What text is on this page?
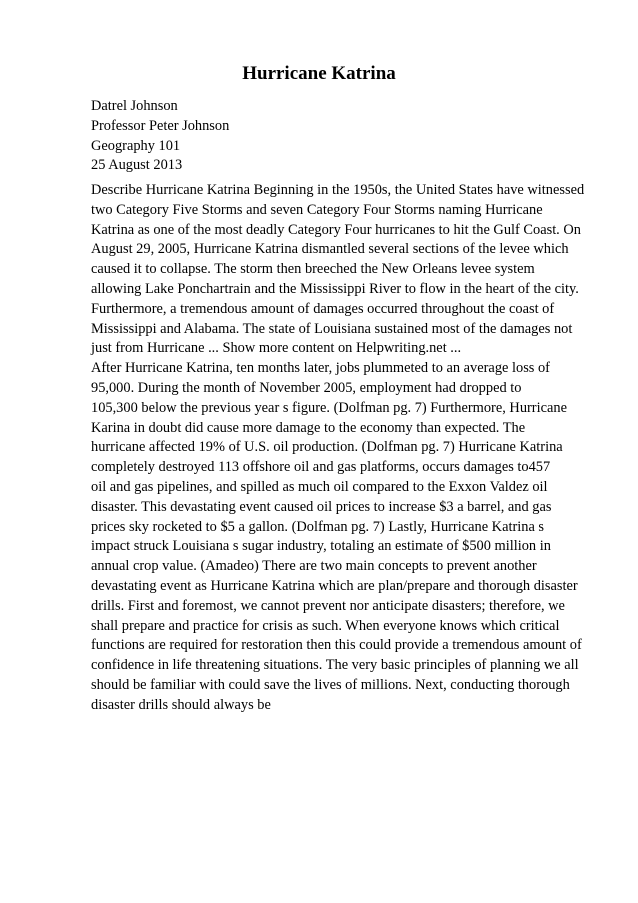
Hurricane Katrina
Datrel Johnson
Professor Peter Johnson
Geography 101
25 August 2013
Describe Hurricane Katrina Beginning in the 1950s, the United States have witnessed
two Category Five Storms and seven Category Four Storms naming Hurricane
Katrina as one of the most deadly Category Four hurricanes to hit the Gulf Coast. On
August 29, 2005, Hurricane Katrina dismantled several sections of the levee which
caused it to collapse. The storm then breeched the New Orleans levee system
allowing Lake Ponchartrain and the Mississippi River to flow in the heart of the city.
Furthermore, a tremendous amount of damages occurred throughout the coast of
Mississippi and Alabama. The state of Louisiana sustained most of the damages not
just from Hurricane ... Show more content on Helpwriting.net ...
After Hurricane Katrina, ten months later, jobs plummeted to an average loss of
95,000. During the month of November 2005, employment had dropped to
105,300 below the previous year s figure. (Dolfman pg. 7) Furthermore, Hurricane
Karina in doubt did cause more damage to the economy than expected. The
hurricane affected 19% of U.S. oil production. (Dolfman pg. 7) Hurricane Katrina
completely destroyed 113 offshore oil and gas platforms, occurs damages to457
oil and gas pipelines, and spilled as much oil compared to the Exxon Valdez oil
disaster. This devastating event caused oil prices to increase $3 a barrel, and gas
prices sky rocketed to $5 a gallon. (Dolfman pg. 7) Lastly, Hurricane Katrina s
impact struck Louisiana s sugar industry, totaling an estimate of $500 million in
annual crop value. (Amadeo) There are two main concepts to prevent another
devastating event as Hurricane Katrina which are plan/prepare and thorough disaster
drills. First and foremost, we cannot prevent nor anticipate disasters; therefore, we
shall prepare and practice for crisis as such. When everyone knows which critical
functions are required for restoration then this could provide a tremendous amount of
confidence in life threatening situations. The very basic principles of planning we all
should be familiar with could save the lives of millions. Next, conducting thorough
disaster drills should always be
